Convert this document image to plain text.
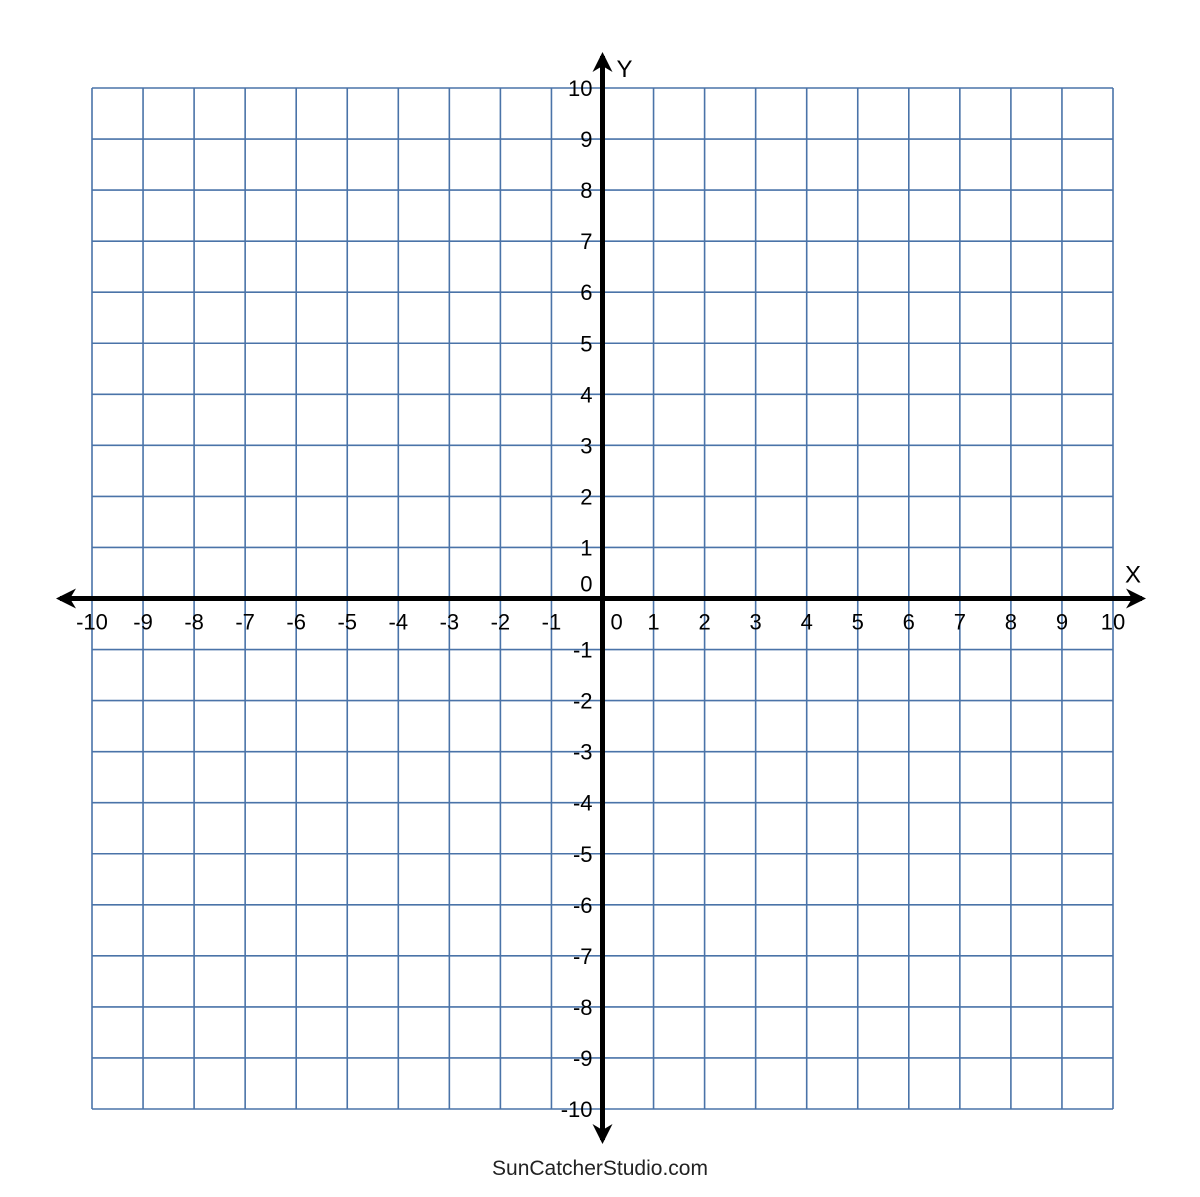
-10 -9 -8 -7 -6 -5 -4 -3 -2 -1 0 1 2 3 4 5 6 7 8 9 10
10
9
8
7
6
5
4
3
2
1
0
-1
-2
-3
-4
-5
-6
-7
-8
-9
-10
X
Y
SunCatcherStudio.com
